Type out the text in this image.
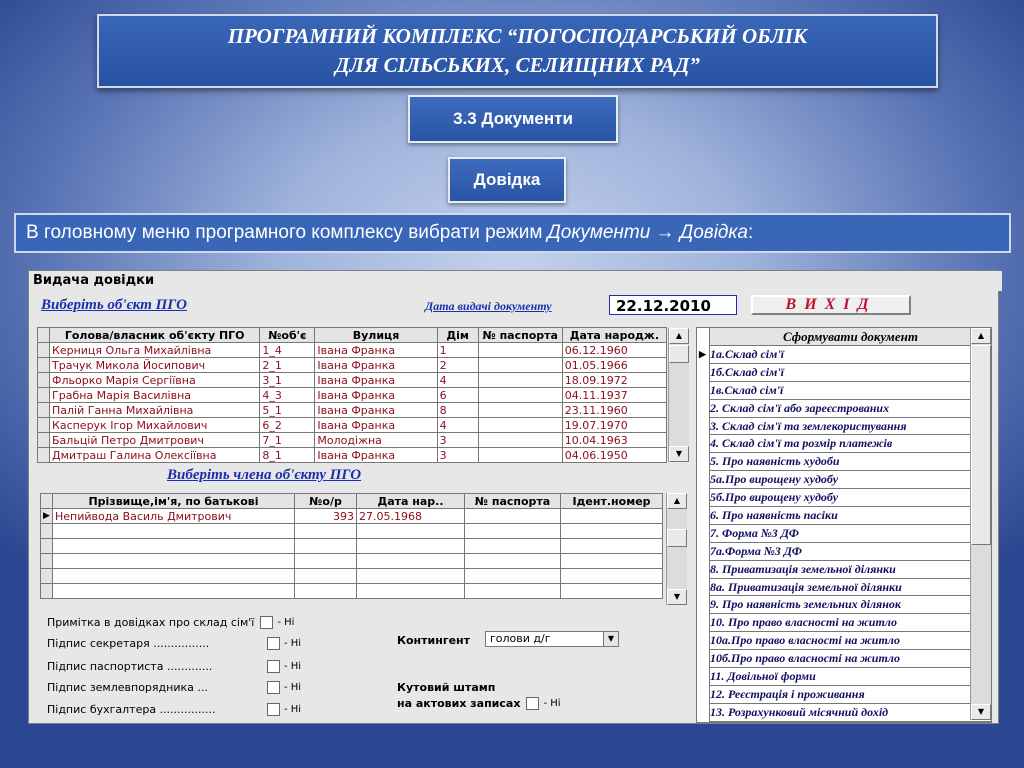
ПРОГРАМНИЙ КОМПЛЕКС “ПОГОСПОДАРСЬКИЙ ОБЛІК
ДЛЯ СІЛЬСЬКИХ, СЕЛИЩНИХ РАД”
3.3 Документи
Довідка
В головному меню програмного комплексу вибрати режим Документи → Довідка :
Видача довідки
Виберіть об'єкт ПГО	Дата видачі документу	22.12.2010	ВИХІД
	Голова/власник об'єкту ПГО	№об'є	Вулиця	Дім	№ паспорта	Дата народж.
	Керниця Ольга Михайлівна	1_4	Івана Франка	1		06.12.1960
	Трачук Микола Йосипович	2_1	Івана Франка	2		01.05.1966
	Фльорко Марія Сергіївна	3_1	Івана Франка	4		18.09.1972
	Грабна Марія Василівна	4_3	Івана Франка	6		04.11.1937
	Палій Ганна Михайлівна	5_1	Івана Франка	8		23.11.1960
	Касперук Ігор Михайлович	6_2	Івана Франка	4		19.07.1970
	Бальцій Петро Дмитрович	7_1	Молодіжна	3		10.04.1963
	Дмитраш Галина Олексіївна	8_1	Івана Франка	3		04.06.1950
▲
▼
Виберіть члена об'єкту ПГО
	Прізвище,ім'я, по батькові	№о/р	Дата нар..	№ паспорта	Ідент.номер
▶	Непийвода Василь Дмитрович	393	27.05.1968		

▲
▼
Примітка в довідках про склад сім'ї - Ні
Підпис секретаря ................	- Ні
Підпис паспортиста .............	- Ні
Підпис землевпорядника ...	- Ні
Підпис бухгалтера ................	- Ні
Контингент	голови д/г	▼
Кутовий штамп
на актових записах - Ні
Сформувати документ
▶ 1а.Склад сім'ї
1б.Склад сім'ї
1в.Склад сім'ї
2. Склад сім'ї або зареєстрованих
3. Склад сім'ї та землекористування
4. Склад сім'ї та розмір платежів
5. Про наявність худоби
5а.Про вирощену худобу
5б.Про вирощену худобу
6. Про наявність пасіки
7. Форма №3 ДФ
7а.Форма №3 ДФ
8. Приватизація земельної ділянки
8а. Приватизація земельної ділянки
9. Про наявність земельних ділянок
10. Про право власності на житло
10а.Про право власності на житло
10б.Про право власності на житло
11. Довільної форми
12. Реєстрація і проживання
13. Розрахунковий місячний дохід
▲
▼
